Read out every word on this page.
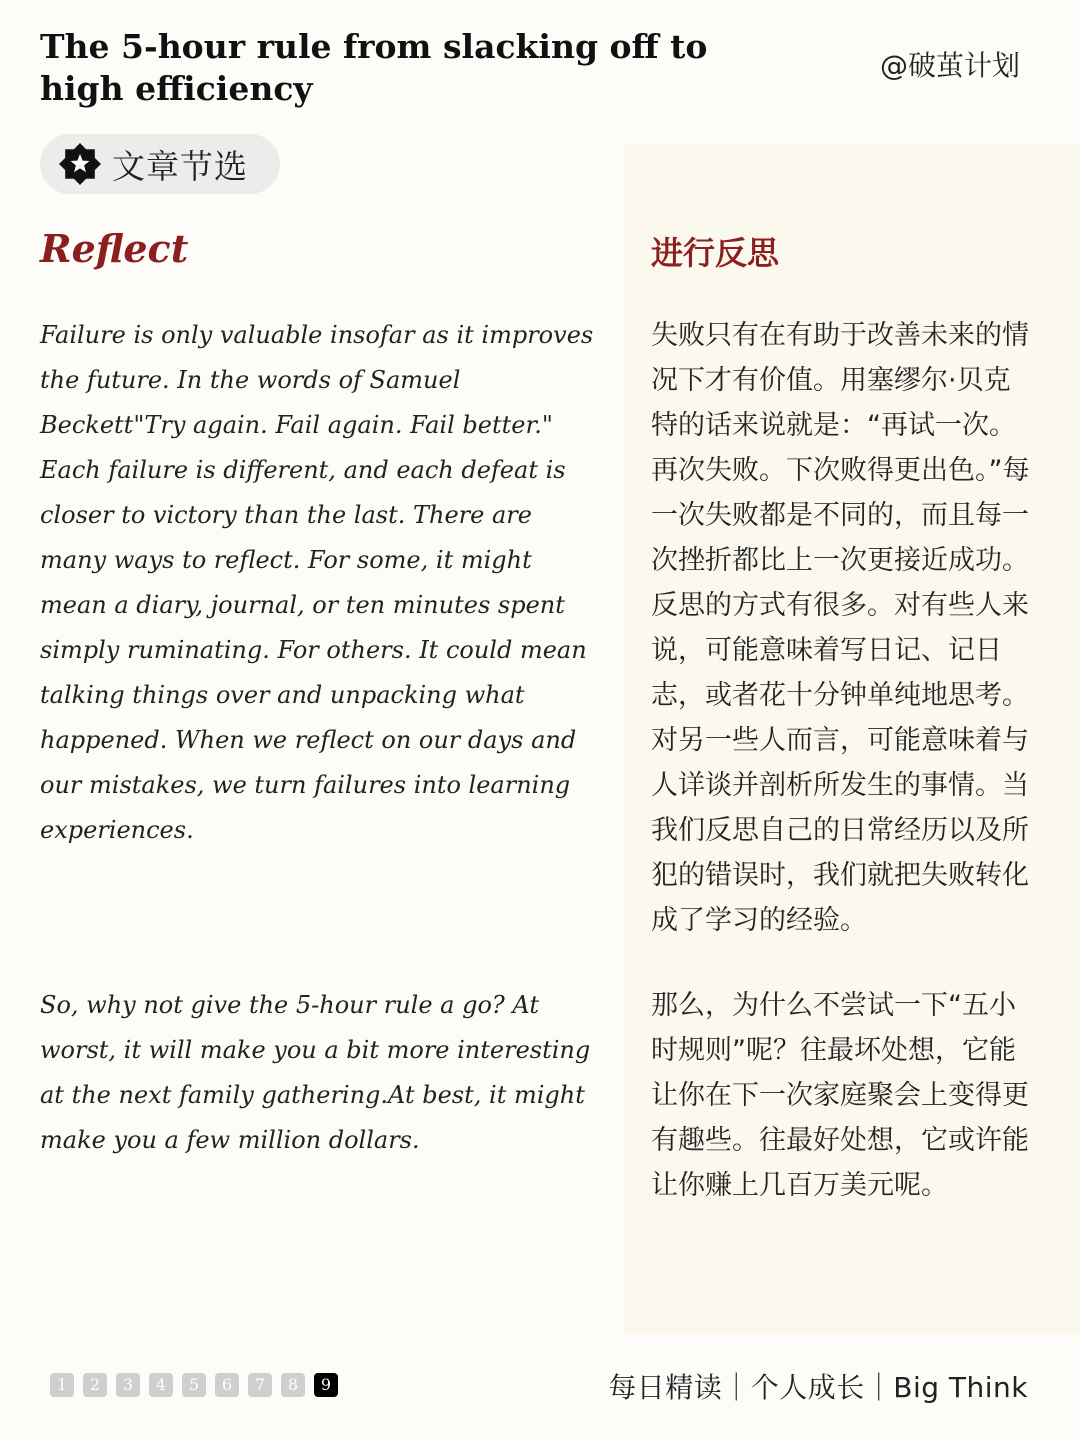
The 5-hour rule from slacking off to high efficiency
@破茧计划
文章节选
Reflect	进行反思

Failure is only valuable insofar as it improves the future. In the words of Samuel Beckett"Try again. Fail again. Fail better." Each failure is different, and each defeat is closer to victory than the last. There are many ways to reflect. For some, it might mean a diary, journal, or ten minutes spent simply ruminating. For others. It could mean talking things over and unpacking what happened. When we reflect on our days and our mistakes, we turn failures into learning experiences.

So, why not give the 5-hour rule a go? At worst, it will make you a bit more interesting at the next family gathering.At best, it might make you a few million dollars.

失败只有在有助于改善未来的情况下才有价值。用塞缪尔·贝克特的话来说就是：“再试一次。再次失败。下次败得更出色。”每一次失败都是不同的，而且每一次挫折都比上一次更接近成功。反思的方式有很多。对有些人来说，可能意味着写日记、记日志，或者花十分钟单纯地思考。对另一些人而言，可能意味着与人详谈并剖析所发生的事情。当我们反思自己的日常经历以及所犯的错误时，我们就把失败转化成了学习的经验。

那么，为什么不尝试一下“五小时规则”呢？往最坏处想，它能让你在下一次家庭聚会上变得更有趣些。往最好处想，它或许能让你赚上几百万美元呢。

1	2	3	4	5	6	7	8	9	每日精读｜个人成长｜Big Think
